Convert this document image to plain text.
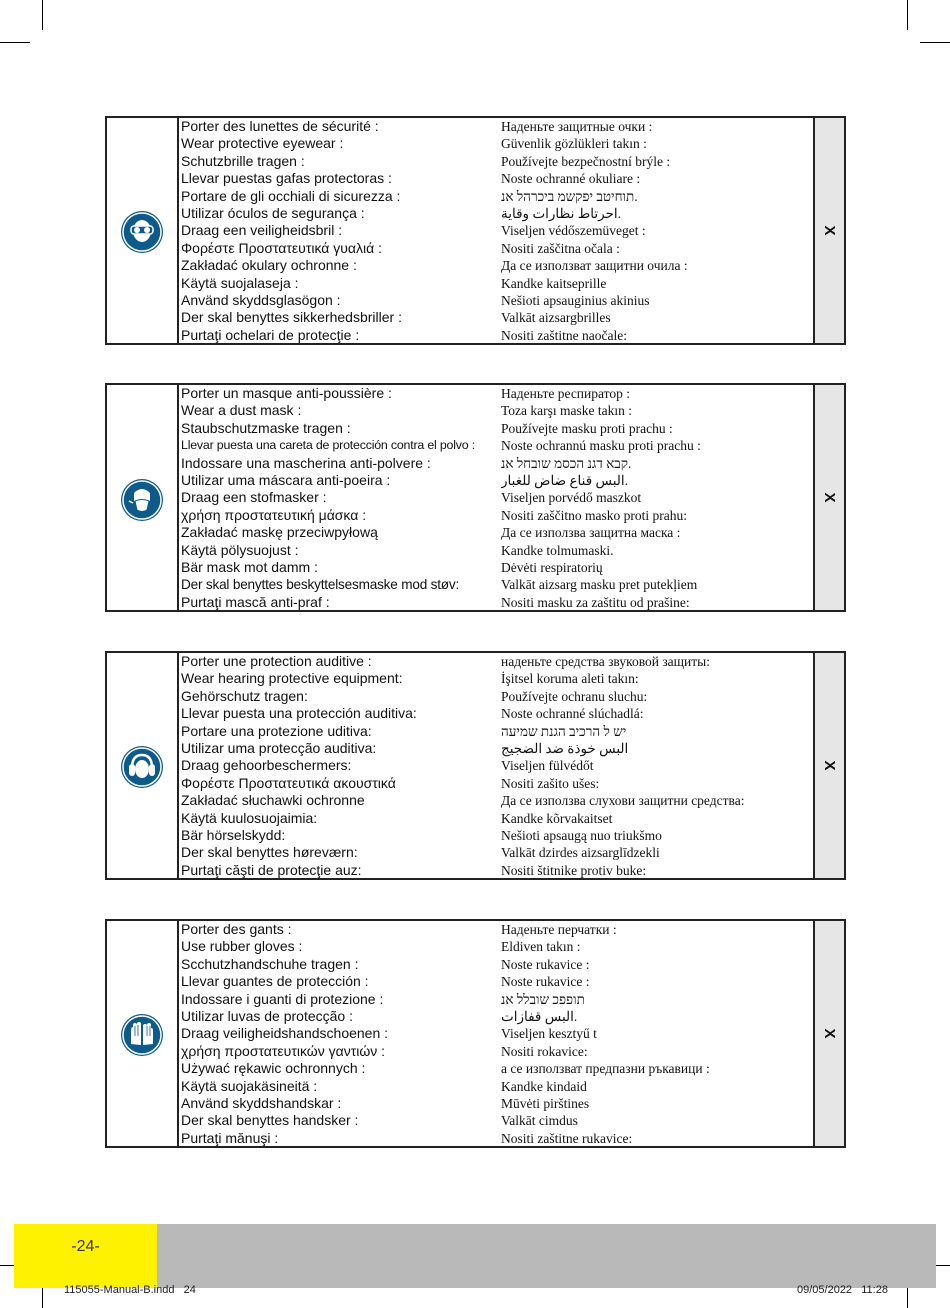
Porter des lunettes de sécurité :
Wear protective eyewear :
Schutzbrille tragen :
Llevar puestas gafas protectoras :
Portare de gli occhiali di sicurezza :
Utilizar óculos de segurança :
Draag een veiligheidsbril :
Φορέστε Προστατευτικά γυαλιά :
Zakładać okulary ochronne :
Käytä suojalaseja :
Använd skyddsglasögon :
Der skal benyttes sikkerhedsbriller :
Purtaţi ochelari de protecţie :
Наденьте защитные очки :
Güvenlik gözlükleri takın :
Používejte bezpečnostní brýle :
Noste ochranné okuliare :
תוחיטב יפקשמ ביכרהל אנ.
احرتاط نظارات وقاية.
Viseljen védőszemüveget :
Nositi zaščitna očala :
Да се използват защитни очила :
Kandke kaitseprille
Nešioti apsauginius akinius
Valkāt aizsargbrilles
Nositi zaštitne naočale:
X
Porter un masque anti-poussière :
Wear a dust mask :
Staubschutzmaske tragen :
Llevar puesta una careta de protección contra el polvo :
Indossare una mascherina anti-polvere :
Utilizar uma máscara anti-poeira :
Draag een stofmasker :
χρήση προστατευτική μάσκα :
Zakładać maskę przeciwpyłową
Käytä pölysuojust :
Bär mask mot damm :
Der skal benyttes beskyttelsesmaske mod støv:
Purtaţi mască anti-praf :
Наденьте респиратор :
Toza karşı maske takın :
Používejte masku proti prachu :
Noste ochrannú masku proti prachu :
קבא דגנ הכסמ שובחל אנ.
البس قناع ضاض للغبار.
Viseljen porvédő maszkot
Nositi zaščitno masko proti prahu:
Да се използва защитна маска :
Kandke tolmumaski.
Dėvėti respiratorių
Valkāt aizsarg masku pret putekļiem
Nositi masku za zaštitu od prašine:
X
Porter une protection auditive :
Wear hearing protective equipment:
Gehörschutz tragen:
Llevar puesta una protección auditiva:
Portare una protezione uditiva:
Utilizar uma protecção auditiva:
Draag gehoorbeschermers:
Φορέστε Προστατευτικά ακουστικά
Zakładać słuchawki ochronne
Käytä kuulosuojaimia:
Bär hörselskydd:
Der skal benyttes høreværn:
Purtaţi căşti de protecţie auz:
наденьте средства звуковой защиты:
İşitsel koruma aleti takın:
Používejte ochranu sluchu:
Noste ochranné slúchadlá:
יש ל הרכיב הגנת שמיעה
البس خوذة ضد الضجيج
Viseljen fülvédőt
Nositi zašito ušes:
Да се използва слухови защитни средства:
Kandke kõrvakaitset
Nešioti apsaugą nuo triukšmo
Valkāt dzirdes aizsarglīdzekli
Nositi štitnike protiv buke:
X
Porter des gants :
Use rubber gloves :
Scchutzhandschuhe tragen :
Llevar guantes de protección :
Indossare i guanti di protezione :
Utilizar luvas de protecção :
Draag veiligheidshandschoenen :
χρήση προστατευτικών γαντιών :
Używać rękawic ochronnych :
Käytä suojakäsineitä :
Använd skyddshandskar :
Der skal benyttes handsker :
Purtaţi mănuşi :
Наденьте перчатки :
Eldiven takın :
Noste rukavice :
Noste rukavice :
תופפכ שובלל אנ
البس قفازات.
Viseljen kesztyű t
Nositi rokavice:
а се използват предпазни ръкавици :
Kandke kindaid
Mūvėti pirštines
Valkāt cimdus
Nositi zaštitne rukavice:
X
-24-
115055-Manual-B.indd   24	09/05/2022   11:28
